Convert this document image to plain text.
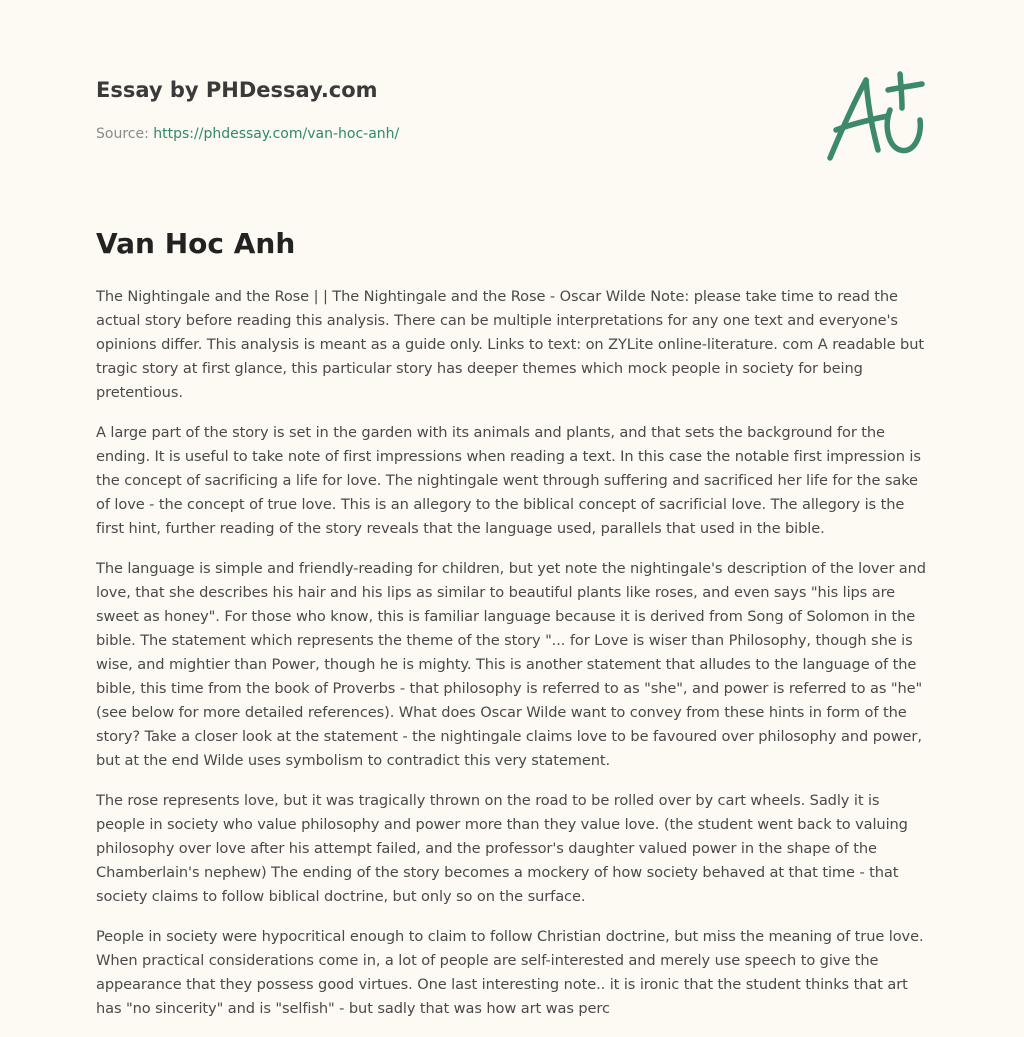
Essay by PHDessay.com
Source: https://phdessay.com/van-hoc-anh/
Van Hoc Anh

The Nightingale and the Rose | | The Nightingale and the Rose - Oscar Wilde Note: please take time to read the actual story before reading this analysis. There can be multiple interpretations for any one text and everyone's opinions differ. This analysis is meant as a guide only. Links to text: on ZYLite online-literature. com A readable but tragic story at first glance, this particular story has deeper themes which mock people in society for being pretentious.

A large part of the story is set in the garden with its animals and plants, and that sets the background for the ending. It is useful to take note of first impressions when reading a text. In this case the notable first impression is the concept of sacrificing a life for love. The nightingale went through suffering and sacrificed her life for the sake of love - the concept of true love. This is an allegory to the biblical concept of sacrificial love. The allegory is the first hint, further reading of the story reveals that the language used, parallels that used in the bible.

The language is simple and friendly-reading for children, but yet note the nightingale's description of the lover and love, that she describes his hair and his lips as similar to beautiful plants like roses, and even says "his lips are sweet as honey". For those who know, this is familiar language because it is derived from Song of Solomon in the bible. The statement which represents the theme of the story "... for Love is wiser than Philosophy, though she is wise, and mightier than Power, though he is mighty. This is another statement that alludes to the language of the bible, this time from the book of Proverbs - that philosophy is referred to as "she", and power is referred to as "he" (see below for more detailed references). What does Oscar Wilde want to convey from these hints in form of the story? Take a closer look at the statement - the nightingale claims love to be favoured over philosophy and power, but at the end Wilde uses symbolism to contradict this very statement.

The rose represents love, but it was tragically thrown on the road to be rolled over by cart wheels. Sadly it is people in society who value philosophy and power more than they value love. (the student went back to valuing philosophy over love after his attempt failed, and the professor's daughter valued power in the shape of the Chamberlain's nephew) The ending of the story becomes a mockery of how society behaved at that time - that society claims to follow biblical doctrine, but only so on the surface.

People in society were hypocritical enough to claim to follow Christian doctrine, but miss the meaning of true love. When practical considerations come in, a lot of people are self-interested and merely use speech to give the appearance that they possess good virtues. One last interesting note.. it is ironic that the student thinks that art has "no sincerity" and is "selfish" - but sadly that was how art was perc
